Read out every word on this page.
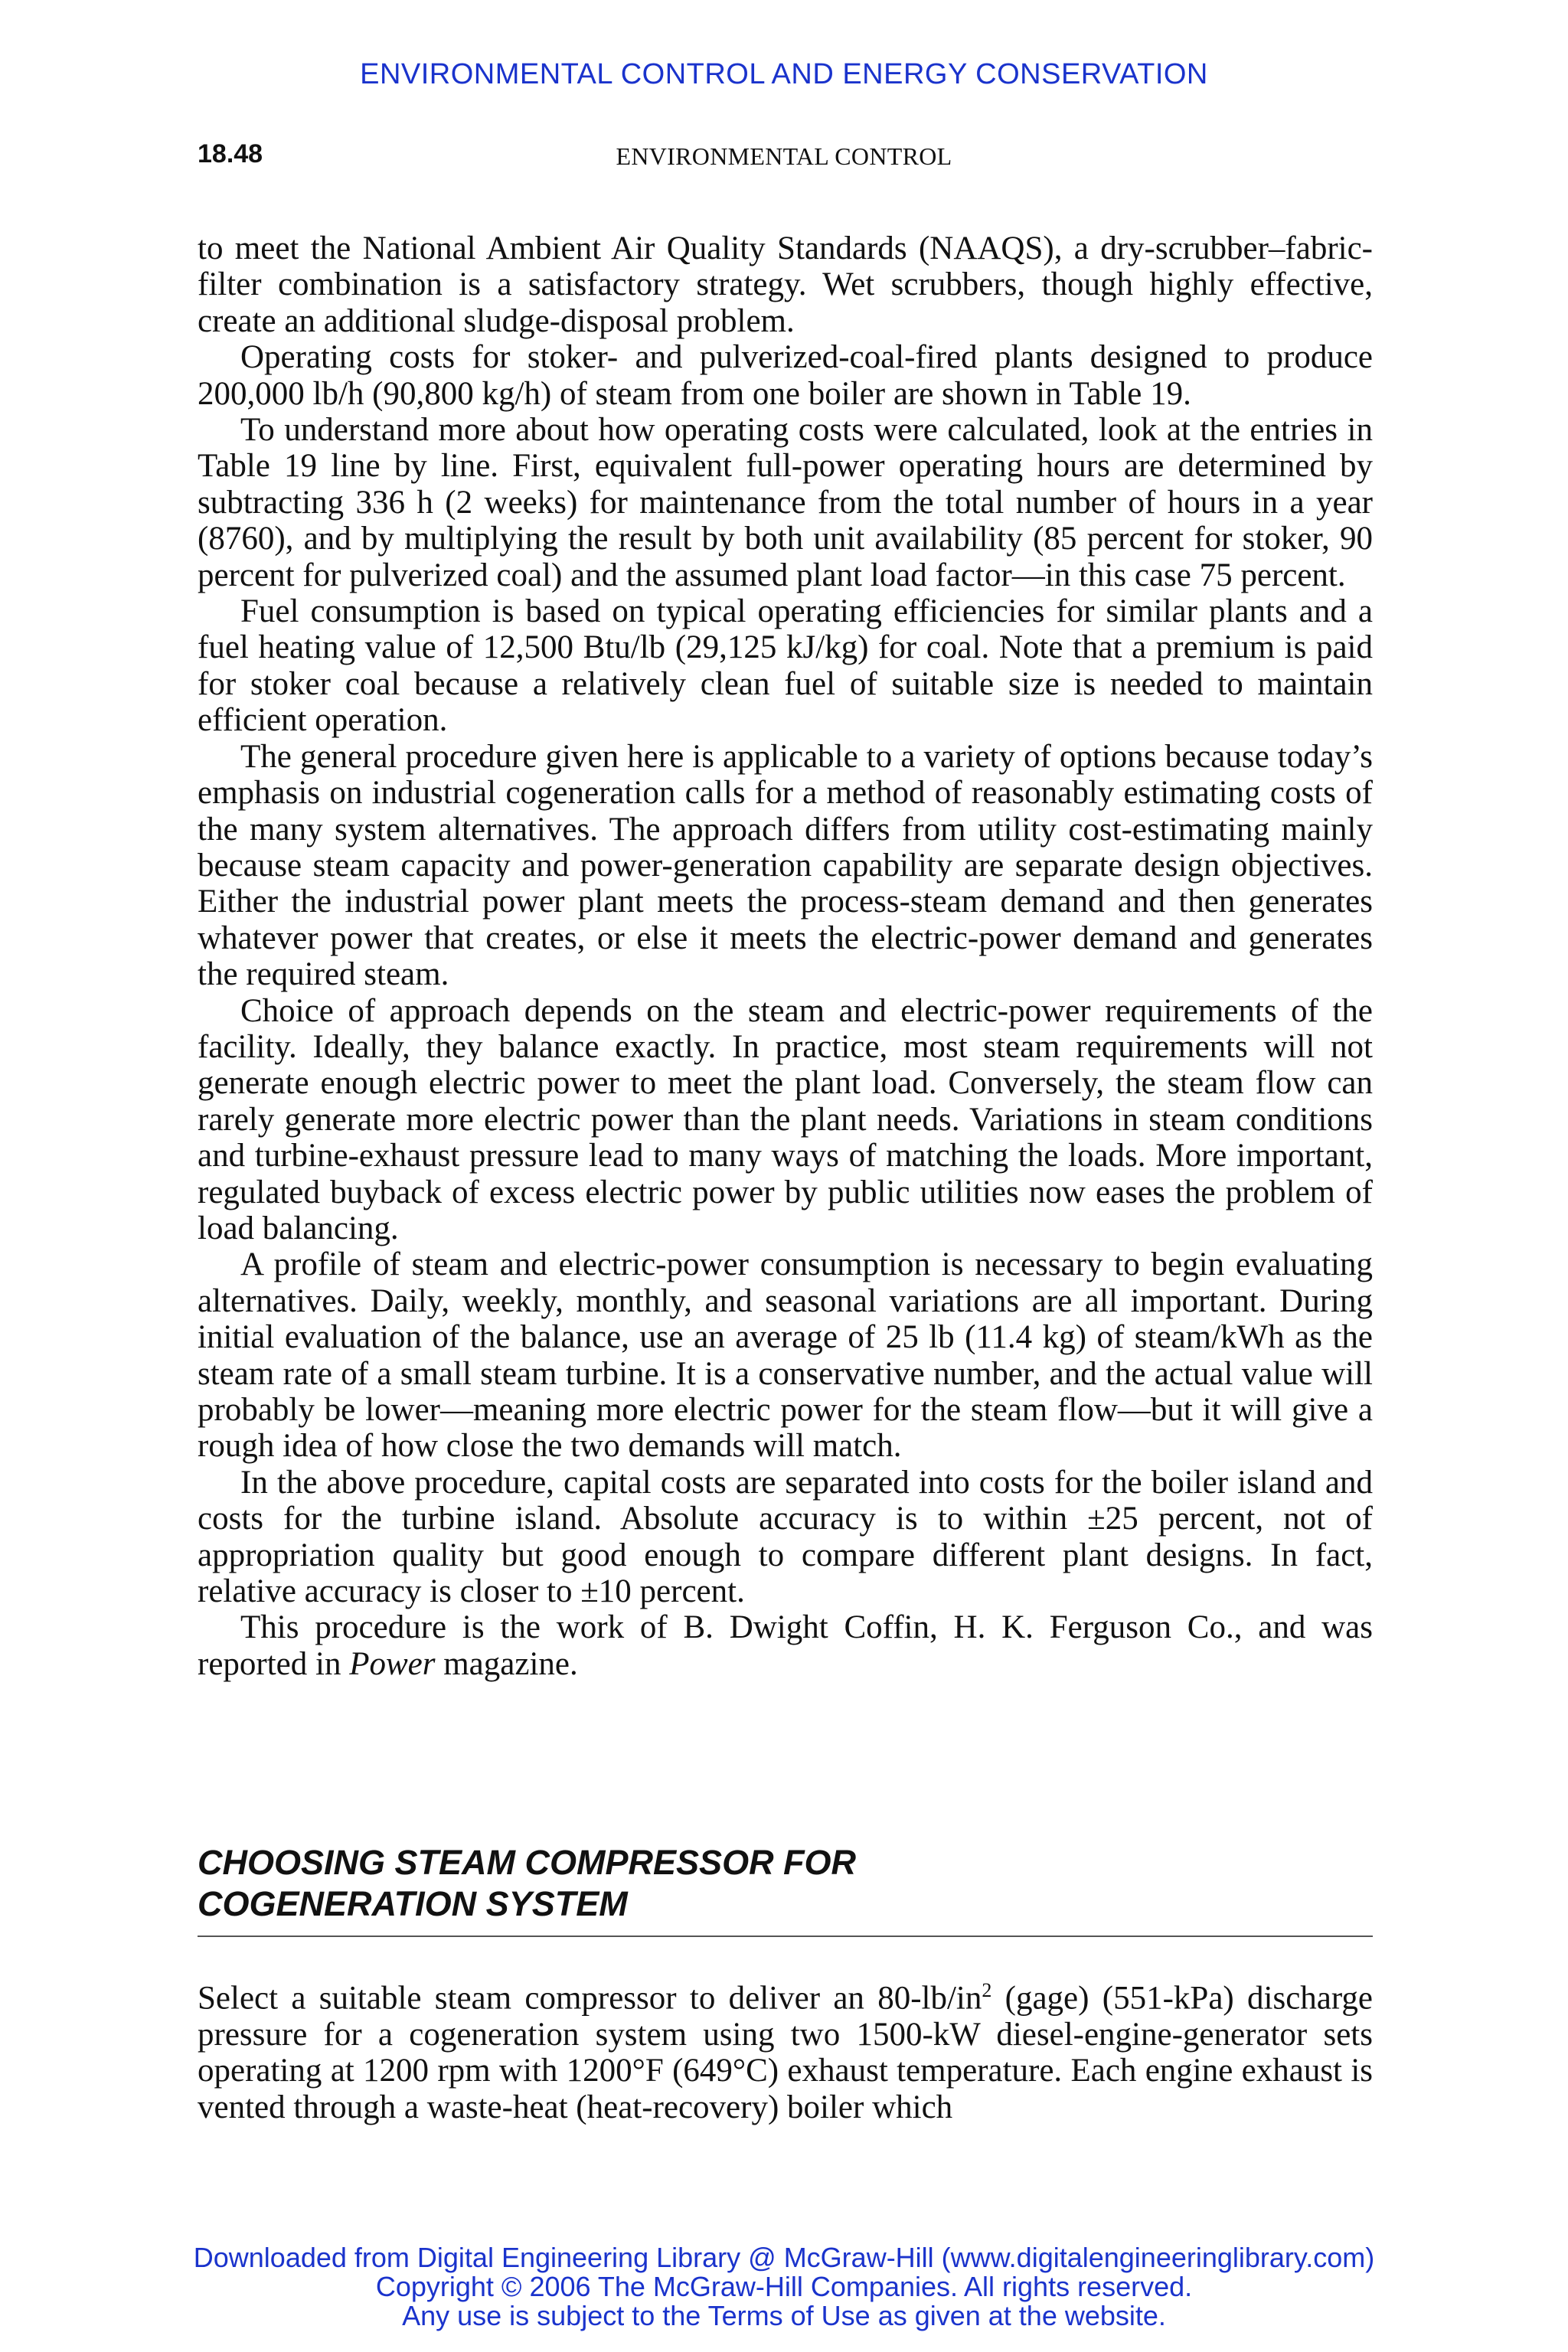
ENVIRONMENTAL CONTROL AND ENERGY CONSERVATION
18.48	ENVIRONMENTAL CONTROL

to meet the National Ambient Air Quality Standards (NAAQS), a dry-scrubber–fabric-filter combination is a satisfactory strategy. Wet scrubbers, though highly effective, create an additional sludge-disposal problem.

Operating costs for stoker- and pulverized-coal-fired plants designed to produce 200,000 lb/h (90,800 kg/h) of steam from one boiler are shown in Table 19.

To understand more about how operating costs were calculated, look at the entries in Table 19 line by line. First, equivalent full-power operating hours are determined by subtracting 336 h (2 weeks) for maintenance from the total number of hours in a year (8760), and by multiplying the result by both unit availability (85 percent for stoker, 90 percent for pulverized coal) and the assumed plant load factor—in this case 75 percent.

Fuel consumption is based on typical operating efficiencies for similar plants and a fuel heating value of 12,500 Btu/lb (29,125 kJ/kg) for coal. Note that a premium is paid for stoker coal because a relatively clean fuel of suitable size is needed to maintain efficient operation.

The general procedure given here is applicable to a variety of options because today’s emphasis on industrial cogeneration calls for a method of reasonably estimating costs of the many system alternatives. The approach differs from utility cost-estimating mainly because steam capacity and power-generation capability are separate design objectives. Either the industrial power plant meets the process-steam demand and then generates whatever power that creates, or else it meets the electric-power demand and generates the required steam.

Choice of approach depends on the steam and electric-power requirements of the facility. Ideally, they balance exactly. In practice, most steam requirements will not generate enough electric power to meet the plant load. Conversely, the steam flow can rarely generate more electric power than the plant needs. Variations in steam conditions and turbine-exhaust pressure lead to many ways of matching the loads. More important, regulated buyback of excess electric power by public utilities now eases the problem of load balancing.

A profile of steam and electric-power consumption is necessary to begin evaluating alternatives. Daily, weekly, monthly, and seasonal variations are all important. During initial evaluation of the balance, use an average of 25 lb (11.4 kg) of steam/kWh as the steam rate of a small steam turbine. It is a conservative number, and the actual value will probably be lower—meaning more electric power for the steam flow—but it will give a rough idea of how close the two demands will match.

In the above procedure, capital costs are separated into costs for the boiler island and costs for the turbine island. Absolute accuracy is to within ±25 percent, not of appropriation quality but good enough to compare different plant designs. In fact, relative accuracy is closer to ±10 percent.

This procedure is the work of B. Dwight Coffin, H. K. Ferguson Co., and was reported in Power magazine.

CHOOSING STEAM COMPRESSOR FOR
COGENERATION SYSTEM

Select a suitable steam compressor to deliver an $80-lb/in^2$ (gage) (551-kPa) discharge pressure for a cogeneration system using two 1500-kW diesel-engine-generator sets operating at 1200 rpm with 1200°F (649°C) exhaust temperature. Each engine exhaust is vented through a waste-heat (heat-recovery) boiler which

Downloaded from Digital Engineering Library @ McGraw-Hill (www.digitalengineeringlibrary.com)
Copyright © 2006 The McGraw-Hill Companies. All rights reserved.
Any use is subject to the Terms of Use as given at the website.
